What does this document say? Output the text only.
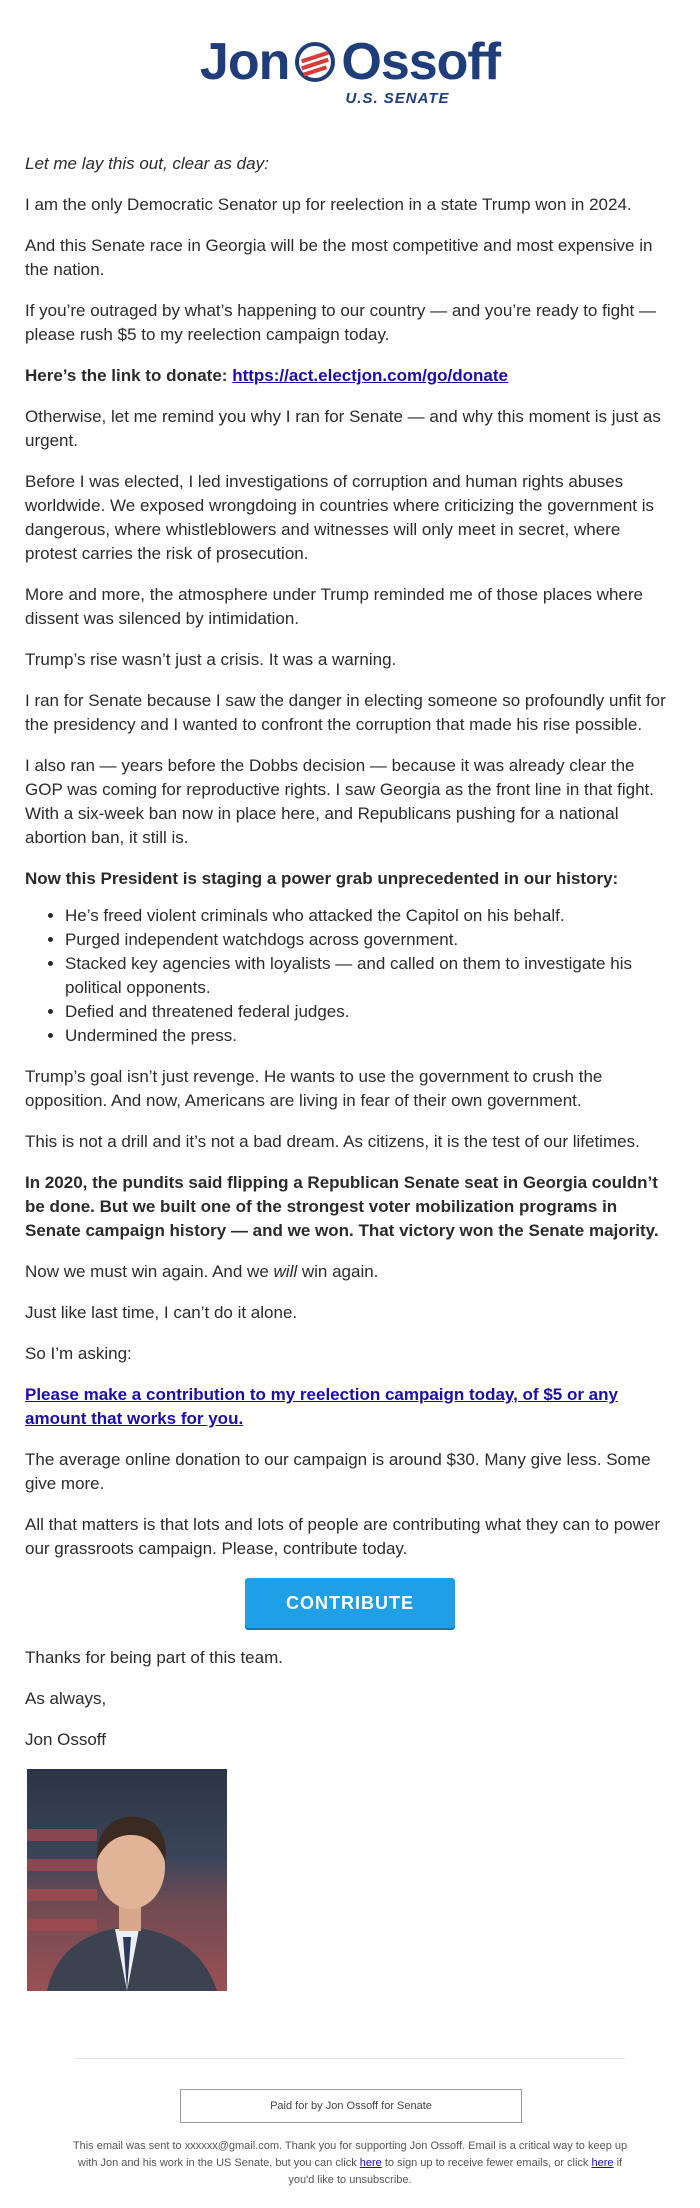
Jon Ossoff
U.S. SENATE

Let me lay this out, clear as day:

I am the only Democratic Senator up for reelection in a state Trump won in 2024.

And this Senate race in Georgia will be the most competitive and most expensive in the nation.

If you’re outraged by what’s happening to our country — and you’re ready to fight — please rush $5 to my reelection campaign today.

Here’s the link to donate: https://act.electjon.com/go/donate

Otherwise, let me remind you why I ran for Senate — and why this moment is just as urgent.

Before I was elected, I led investigations of corruption and human rights abuses worldwide. We exposed wrongdoing in countries where criticizing the government is dangerous, where whistleblowers and witnesses will only meet in secret, where protest carries the risk of prosecution.

More and more, the atmosphere under Trump reminded me of those places where dissent was silenced by intimidation.

Trump’s rise wasn’t just a crisis. It was a warning.

I ran for Senate because I saw the danger in electing someone so profoundly unfit for the presidency and I wanted to confront the corruption that made his rise possible.

I also ran — years before the Dobbs decision — because it was already clear the GOP was coming for reproductive rights. I saw Georgia as the front line in that fight. With a six-week ban now in place here, and Republicans pushing for a national abortion ban, it still is.

Now this President is staging a power grab unprecedented in our history:

• He’s freed violent criminals who attacked the Capitol on his behalf.
• Purged independent watchdogs across government.
• Stacked key agencies with loyalists — and called on them to investigate his political opponents.
• Defied and threatened federal judges.
• Undermined the press.

Trump’s goal isn’t just revenge. He wants to use the government to crush the opposition. And now, Americans are living in fear of their own government.

This is not a drill and it’s not a bad dream. As citizens, it is the test of our lifetimes.

In 2020, the pundits said flipping a Republican Senate seat in Georgia couldn’t be done. But we built one of the strongest voter mobilization programs in Senate campaign history — and we won. That victory won the Senate majority.

Now we must win again. And we will win again.

Just like last time, I can’t do it alone.

So I’m asking:

Please make a contribution to my reelection campaign today, of $5 or any amount that works for you.

The average online donation to our campaign is around $30. Many give less. Some give more.

All that matters is that lots and lots of people are contributing what they can to power our grassroots campaign. Please, contribute today.

CONTRIBUTE

Thanks for being part of this team.

As always,

Jon Ossoff

Paid for by Jon Ossoff for Senate
This email was sent to xxxxxx@gmail.com. Thank you for supporting Jon Ossoff. Email is a critical way to keep up with Jon and his work in the US Senate, but you can click here to sign up to receive fewer emails, or click here if you'd like to unsubscribe.
